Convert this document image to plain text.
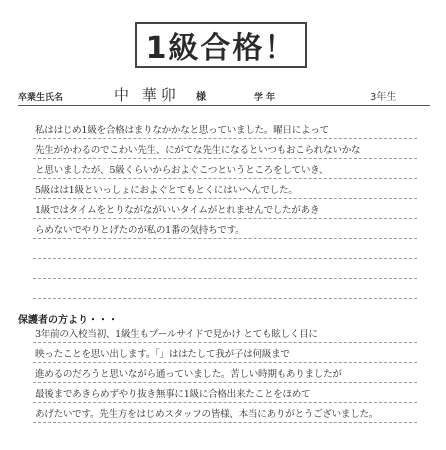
1級合格！
卒業生氏名	中 華卯 様	学 年	3年生
私ははじめ1級を合格はまりなかかなと思っていました。曜日によって
先生がかわるのでこわい先生、にがてな先生になるといつもおこられないかな
と思いましたが、5級くらいからおよぐこつというところをしていき、
5級はは1級といっしょにおよぐとてもとくにはいへんでした。
1級ではタイムをとりながながいいタイムがとれませんでしたがあき
らめないでやりとげたのが私の1番の気持ちです。
保護者の方より・・・
3年前の入校当初、1級生もプールサイドで見かけ とても眩しく目に
映ったことを思い出します。「」ははたして我が子は何級まで
進めるのだろうと思いながら通っていました。苦しい時期もありましたが
最後まであきらめずやり抜き無事に1級に合格出来たことをほめて
あげたいです。先生方をはじめスタッフの皆様、本当にありがとうございました。
